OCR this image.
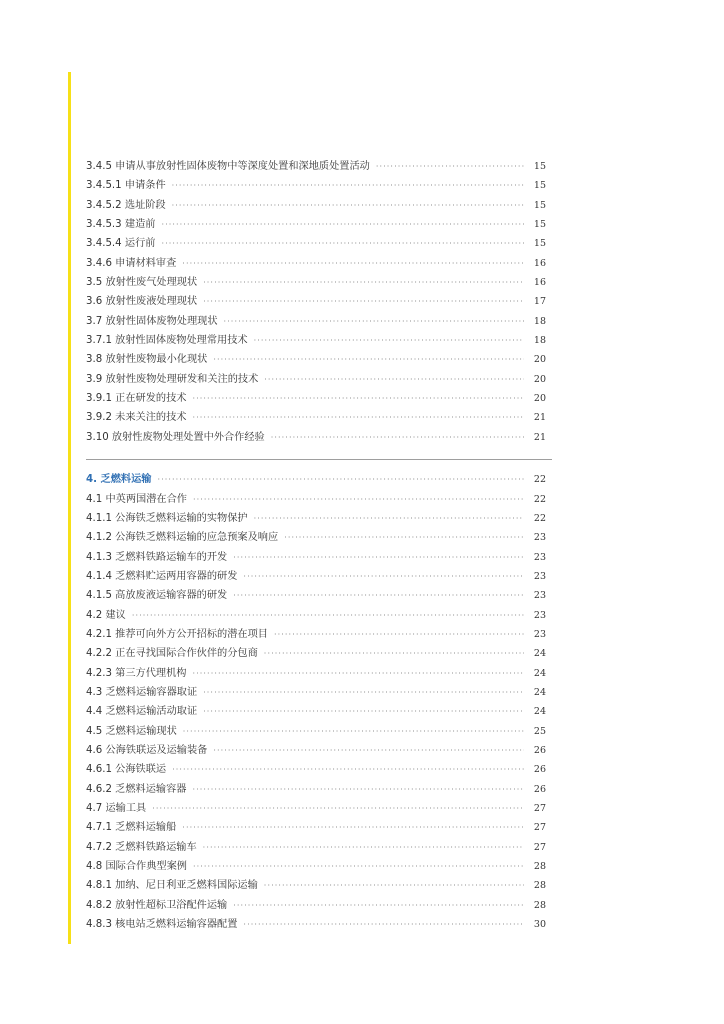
3.4.5 申请从事放射性固体废物中等深度处置和深地质处置活动 ·····	15
3.4.5.1 申请条件 ·····	15
3.4.5.2 选址阶段 ·····	15
3.4.5.3 建造前 ·····	15
3.4.5.4 运行前 ·····	15
3.4.6 申请材料审查 ·····	16
3.5 放射性废气处理现状 ·····	16
3.6 放射性废液处理现状 ·····	17
3.7 放射性固体废物处理现状 ·····	18
3.7.1 放射性固体废物处理常用技术 ·····	18
3.8 放射性废物最小化现状 ·····	20
3.9 放射性废物处理研发和关注的技术 ·····	20
3.9.1 正在研发的技术 ·····	20
3.9.2 未来关注的技术 ·····	21
3.10 放射性废物处理处置中外合作经验 ·····	21
4. 乏燃料运输 ·····	22
4.1 中英两国潜在合作 ·····	22
4.1.1 公海铁乏燃料运输的实物保护 ·····	22
4.1.2 公海铁乏燃料运输的应急预案及响应 ·····	23
4.1.3 乏燃料铁路运输车的开发 ·····	23
4.1.4 乏燃料贮运两用容器的研发 ·····	23
4.1.5 高放废液运输容器的研发 ·····	23
4.2 建议 ·····	23
4.2.1 推荐可向外方公开招标的潜在项目 ·····	23
4.2.2 正在寻找国际合作伙伴的分包商 ·····	24
4.2.3 第三方代理机构 ·····	24
4.3 乏燃料运输容器取证 ·····	24
4.4 乏燃料运输活动取证 ·····	24
4.5 乏燃料运输现状 ·····	25
4.6 公海铁联运及运输装备 ·····	26
4.6.1 公海铁联运 ·····	26
4.6.2 乏燃料运输容器 ·····	26
4.7 运输工具 ·····	27
4.7.1 乏燃料运输船 ·····	27
4.7.2 乏燃料铁路运输车 ·····	27
4.8 国际合作典型案例 ·····	28
4.8.1 加纳、尼日利亚乏燃料国际运输 ·····	28
4.8.2 放射性超标卫浴配件运输 ·····	28
4.8.3 核电站乏燃料运输容器配置 ·····	30
